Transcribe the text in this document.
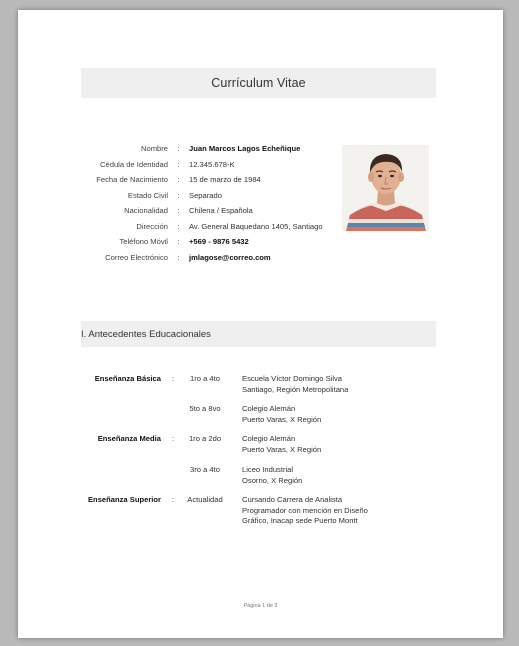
Currículum Vitae
Nombre	:	Juan Marcos Lagos Echeñique
Cédula de Identidad	:	12.345.678-K
Fecha de Nacimiento	:	15 de marzo de 1984
Estado Civil	:	Separado
Nacionalidad	:	Chilena / Española
Dirección	:	Av. General Baquedano 1405, Santiago
Teléfono Móvil	:	+569 - 9876 5432
Correo Electrónico	:	jmlagose@correo.com
I. Antecedentes Educacionales
Enseñanza Básica	:	1ro a 4to	Escuela Víctor Domingo Silva
Santiago, Región Metropolitana
5to a 8vo	Colegio Alemán
Puerto Varas, X Región
Enseñanza Media	:	1ro a 2do	Colegio Alemán
Puerto Varas, X Región
3ro a 4to	Liceo Industrial
Osorno, X Región
Enseñanza Superior	:	Actualidad	Cursando Carrera de Analista
Programador con mención en Diseño
Gráfico, Inacap sede Puerto Montt
Página 1 de 3
